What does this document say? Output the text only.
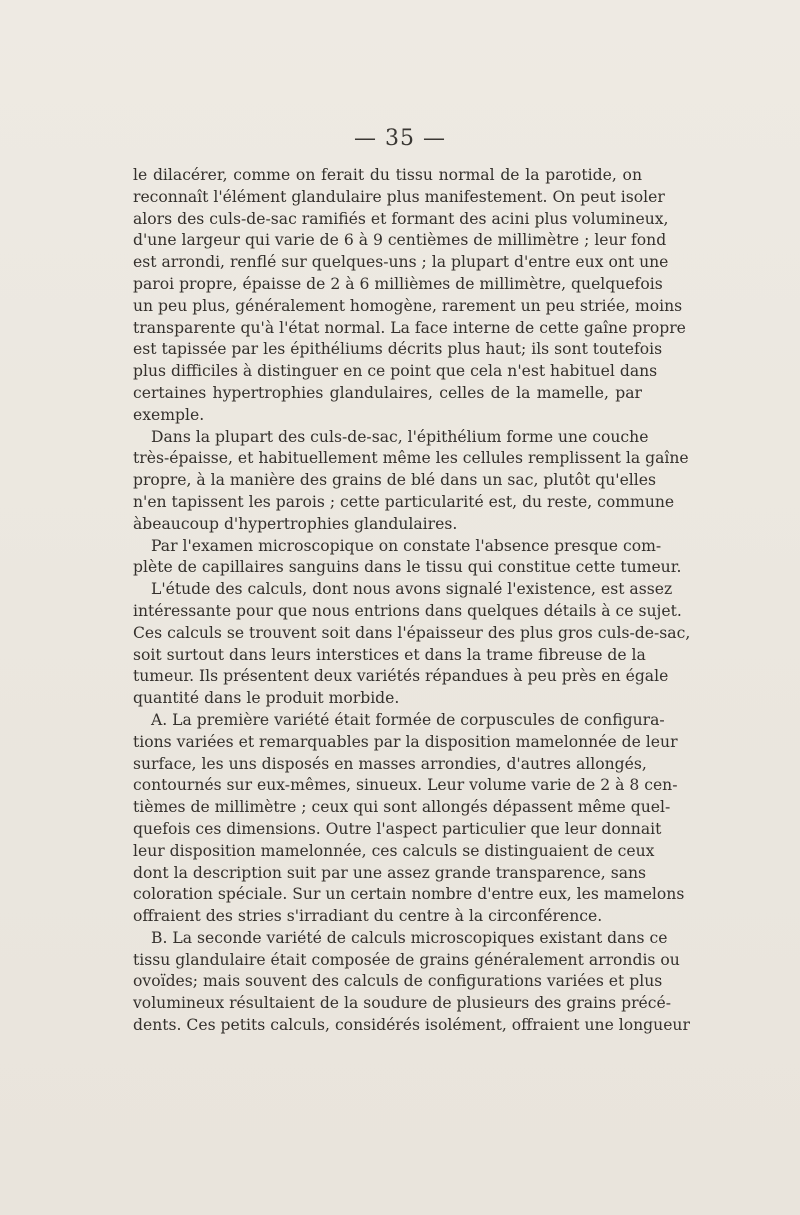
— 35 —

le dilacérer, comme on ferait du tissu normal de la parotide, on
reconnaît l'élément glandulaire plus manifestement. On peut isoler
alors des culs-de-sac ramifiés et formant des acini plus volumineux,
d'une largeur qui varie de 6 à 9 centièmes de millimètre ; leur fond
est arrondi, renflé sur quelques-uns ; la plupart d'entre eux ont une
paroi propre, épaisse de 2 à 6 millièmes de millimètre, quelquefois
un peu plus, généralement homogène, rarement un peu striée, moins
transparente qu'à l'état normal. La face interne de cette gaîne propre
est tapissée par les épithéliums décrits plus haut; ils sont toutefois
plus difficiles à distinguer en ce point que cela n'est habituel dans
certaines hypertrophies glandulaires, celles de la mamelle, par
exemple.

Dans la plupart des culs-de-sac, l'épithélium forme une couche
très-épaisse, et habituellement même les cellules remplissent la gaîne
propre, à la manière des grains de blé dans un sac, plutôt qu'elles
n'en tapissent les parois ; cette particularité est, du reste, commune
àbeaucoup d'hypertrophies glandulaires.

Par l'examen microscopique on constate l'absence presque com-
plète de capillaires sanguins dans le tissu qui constitue cette tumeur.

L'étude des calculs, dont nous avons signalé l'existence, est assez
intéressante pour que nous entrions dans quelques détails à ce sujet.
Ces calculs se trouvent soit dans l'épaisseur des plus gros culs-de-sac,
soit surtout dans leurs interstices et dans la trame fibreuse de la
tumeur. Ils présentent deux variétés répandues à peu près en égale
quantité dans le produit morbide.

A. La première variété était formée de corpuscules de configura-
tions variées et remarquables par la disposition mamelonnée de leur
surface, les uns disposés en masses arrondies, d'autres allongés,
contournés sur eux-mêmes, sinueux. Leur volume varie de 2 à 8 cen-
tièmes de millimètre ; ceux qui sont allongés dépassent même quel-
quefois ces dimensions. Outre l'aspect particulier que leur donnait
leur disposition mamelonnée, ces calculs se distinguaient de ceux
dont la description suit par une assez grande transparence, sans
coloration spéciale. Sur un certain nombre d'entre eux, les mamelons
offraient des stries s'irradiant du centre à la circonférence.

B. La seconde variété de calculs microscopiques existant dans ce
tissu glandulaire était composée de grains généralement arrondis ou
ovoïdes; mais souvent des calculs de configurations variées et plus
volumineux résultaient de la soudure de plusieurs des grains précé-
dents. Ces petits calculs, considérés isolément, offraient une longueur
